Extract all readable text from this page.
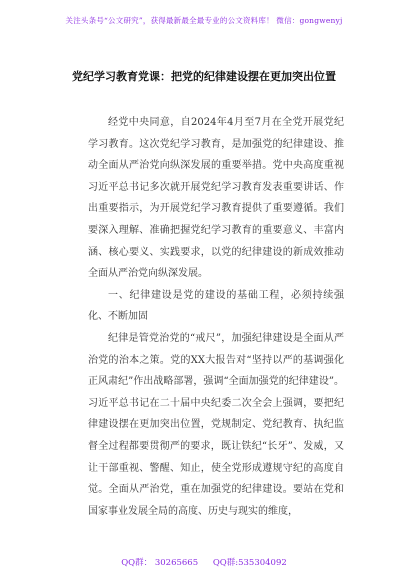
关注头条号“公文研究”，获得最新最全最专业的公文资料库！ 微信：gongwenyj
党纪学习教育党课：把党的纪律建设摆在更加突出位置

经党中央同意，自2024年4月至7月在全党开展党纪学习教育。这次党纪学习教育，是加强党的纪律建设、推动全面从严治党向纵深发展的重要举措。党中央高度重视习近平总书记多次就开展党纪学习教育发表重要讲话、作出重要指示，为开展党纪学习教育提供了重要遵循。我们要深入理解、准确把握党纪学习教育的重要意义、丰富内涵、核心要义、实践要求，以党的纪律建设的新成效推动全面从严治党向纵深发展。

一、纪律建设是党的建设的基础工程，必须持续强化、不断加固

纪律是管党治党的“戒尺”，加强纪律建设是全面从严治党的治本之策。党的XX大报告对“坚持以严的基调强化正风肃纪”作出战略部署，强调“全面加强党的纪律建设”。习近平总书记在二十届中央纪委二次全会上强调，要把纪律建设摆在更加突出位置，党规制定、党纪教育、执纪监督全过程都要贯彻严的要求，既让铁纪“长牙”、发威，又让干部重视、警醒、知止，使全党形成遵规守纪的高度自觉。全面从严治党，重在加强党的纪律建设。要站在党和国家事业发展全局的高度、历史与现实的维度，

QQ群： 30265665 QQ群:535304092
